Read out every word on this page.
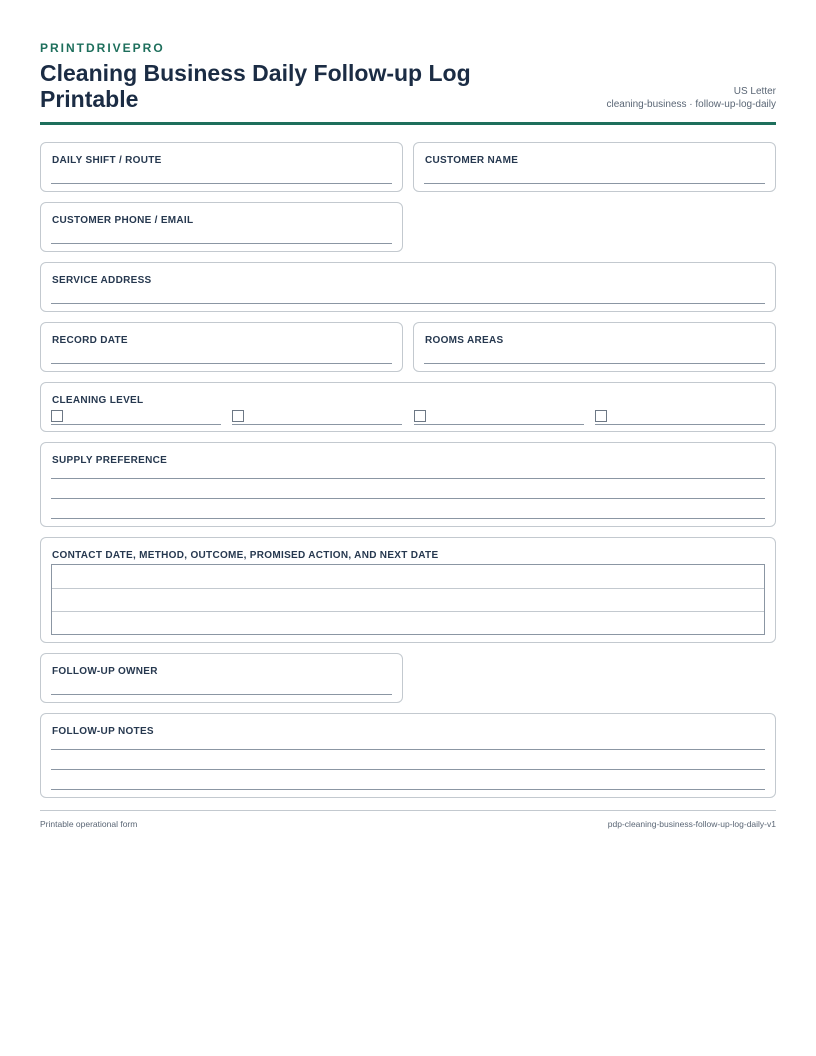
PRINTDRIVEPRO
Cleaning Business Daily Follow-up Log Printable	US Letter
cleaning-business · follow-up-log-daily
DAILY SHIFT / ROUTE	CUSTOMER NAME
CUSTOMER PHONE / EMAIL
SERVICE ADDRESS
RECORD DATE	ROOMS AREAS
CLEANING LEVEL
SUPPLY PREFERENCE
CONTACT DATE, METHOD, OUTCOME, PROMISED ACTION, AND NEXT DATE
FOLLOW-UP OWNER
FOLLOW-UP NOTES
Printable operational form	pdp-cleaning-business-follow-up-log-daily-v1
